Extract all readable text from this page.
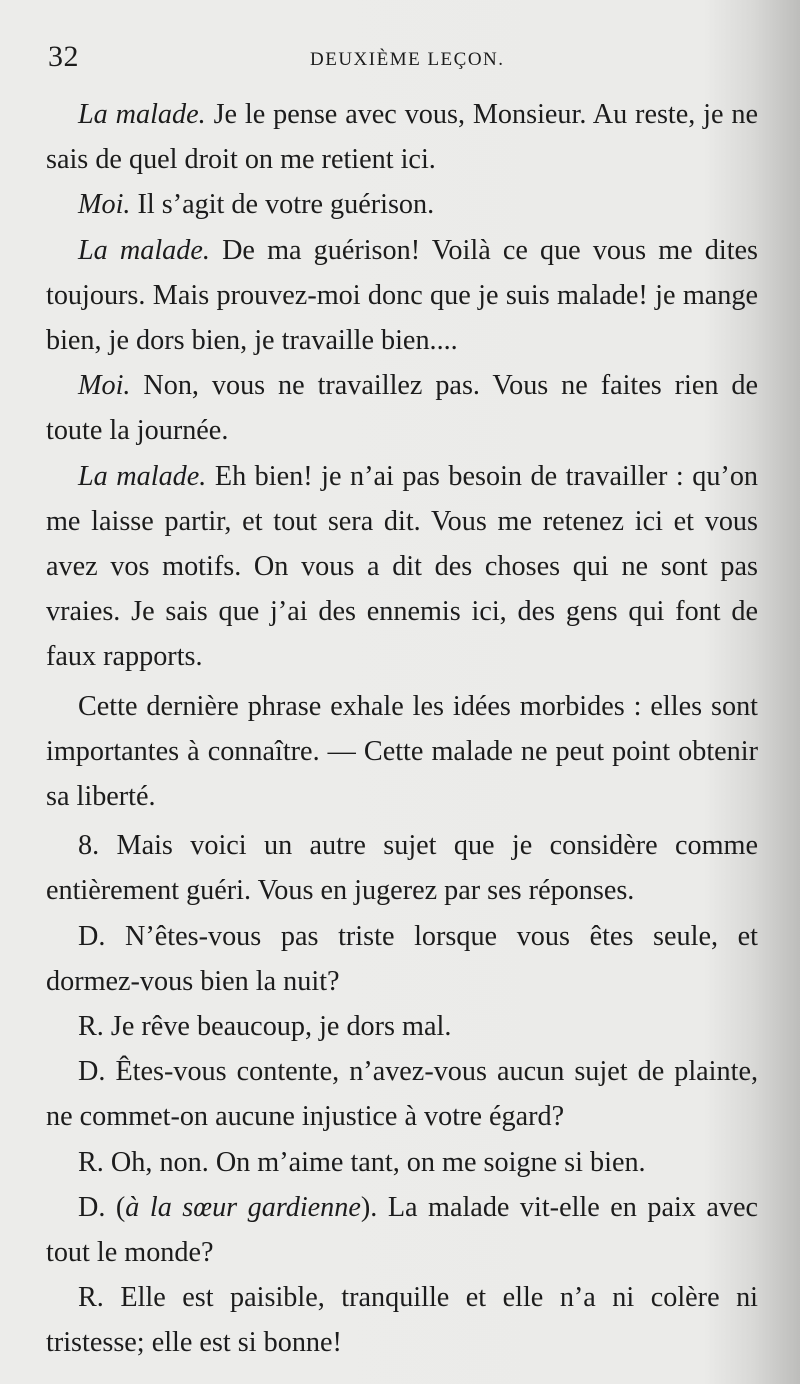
32	DEUXIÈME LEÇON.

La malade. Je le pense avec vous, Monsieur. Au reste, je ne sais de quel droit on me retient ici.

Moi. Il s’agit de votre guérison.

La malade. De ma guérison! Voilà ce que vous me dites toujours. Mais prouvez-moi donc que je suis malade! je mange bien, je dors bien, je travaille bien....

Moi. Non, vous ne travaillez pas. Vous ne faites rien de toute la journée.

La malade. Eh bien! je n’ai pas besoin de travailler : qu’on me laisse partir, et tout sera dit. Vous me retenez ici et vous avez vos motifs. On vous a dit des choses qui ne sont pas vraies. Je sais que j’ai des ennemis ici, des gens qui font de faux rapports.

Cette dernière phrase exhale les idées morbides : elles sont importantes à connaître. — Cette malade ne peut point obtenir sa liberté.

8. Mais voici un autre sujet que je considère comme entièrement guéri. Vous en jugerez par ses réponses.

D. N’êtes-vous pas triste lorsque vous êtes seule, et dormez-vous bien la nuit?

R. Je rêve beaucoup, je dors mal.

D. Êtes-vous contente, n’avez-vous aucun sujet de plainte, ne commet-on aucune injustice à votre égard?

R. Oh, non. On m’aime tant, on me soigne si bien.

D. (à la sœur gardienne). La malade vit-elle en paix avec tout le monde?

R. Elle est paisible, tranquille et elle n’a ni colère ni tristesse; elle est si bonne!
